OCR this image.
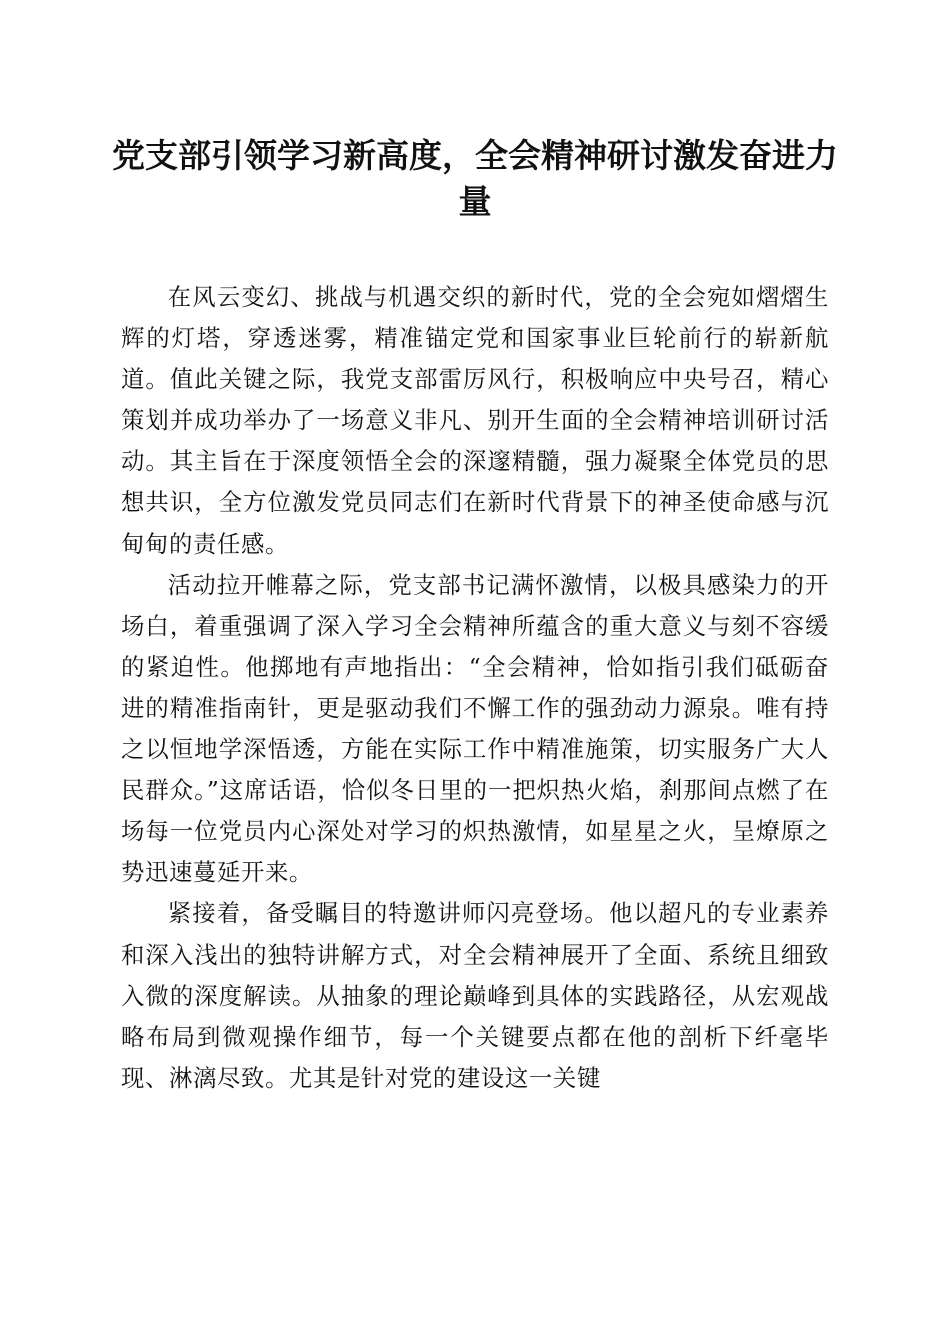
党支部引领学习新高度，全会精神研讨激发奋进力量

在风云变幻、挑战与机遇交织的新时代，党的全会宛如熠熠生辉的灯塔，穿透迷雾，精准锚定党和国家事业巨轮前行的崭新航道。值此关键之际，我党支部雷厉风行，积极响应中央号召，精心策划并成功举办了一场意义非凡、别开生面的全会精神培训研讨活动。其主旨在于深度领悟全会的深邃精髓，强力凝聚全体党员的思想共识，全方位激发党员同志们在新时代背景下的神圣使命感与沉甸甸的责任感。

活动拉开帷幕之际，党支部书记满怀激情，以极具感染力的开场白，着重强调了深入学习全会精神所蕴含的重大意义与刻不容缓的紧迫性。他掷地有声地指出：“全会精神，恰如指引我们砥砺奋进的精准指南针，更是驱动我们不懈工作的强劲动力源泉。唯有持之以恒地学深悟透，方能在实际工作中精准施策，切实服务广大人民群众。”这席话语，恰似冬日里的一把炽热火焰，刹那间点燃了在场每一位党员内心深处对学习的炽热激情，如星星之火，呈燎原之势迅速蔓延开来。

紧接着，备受瞩目的特邀讲师闪亮登场。他以超凡的专业素养和深入浅出的独特讲解方式，对全会精神展开了全面、系统且细致入微的深度解读。从抽象的理论巅峰到具体的实践路径，从宏观战略布局到微观操作细节，每一个关键要点都在他的剖析下纤毫毕现、淋漓尽致。尤其是针对党的建设这一关键
